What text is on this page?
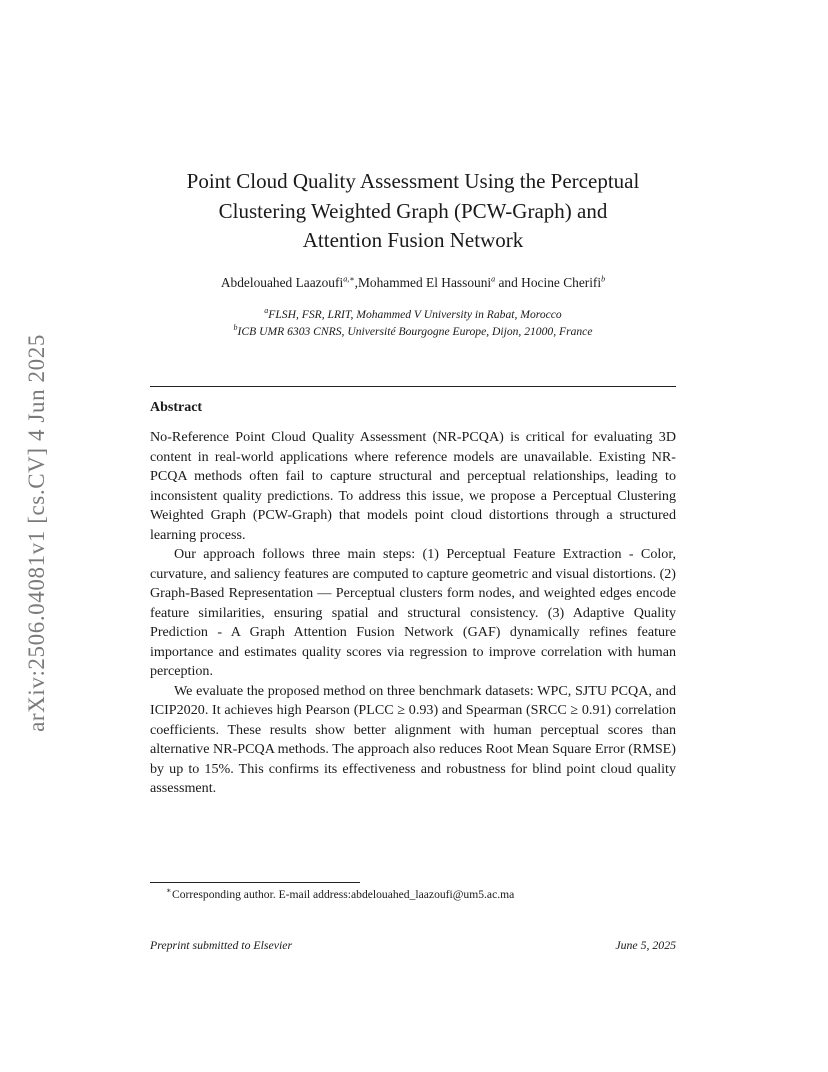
arXiv:2506.04081v1 [cs.CV] 4 Jun 2025
Point Cloud Quality Assessment Using the Perceptual
Clustering Weighted Graph (PCW-Graph) and
Attention Fusion Network
Abdelouahed Laazoufi$^{a,∗}$,Mohammed El Hassouni$^a$ and Hocine Cherifi$^b$
$^a$FLSH, FSR, LRIT, Mohammed V University in Rabat, Morocco
$^b$ICB UMR 6303 CNRS, Université Bourgogne Europe, Dijon, 21000, France
Abstract

No-Reference Point Cloud Quality Assessment (NR-PCQA) is critical for evaluating 3D content in real-world applications where reference models are unavailable. Existing NR-PCQA methods often fail to capture structural and perceptual relationships, leading to inconsistent quality predictions. To address this issue, we propose a Perceptual Clustering Weighted Graph (PCW-Graph) that models point cloud distortions through a structured learning process.

Our approach follows three main steps: (1) Perceptual Feature Extraction - Color, curvature, and saliency features are computed to capture geometric and visual distortions. (2) Graph-Based Representation — Perceptual clusters form nodes, and weighted edges encode feature similarities, ensuring spatial and structural consistency. (3) Adaptive Quality Prediction - A Graph Attention Fusion Network (GAF) dynamically refines feature importance and estimates quality scores via regression to improve correlation with human perception.

We evaluate the proposed method on three benchmark datasets: WPC, SJTU PCQA, and ICIP2020. It achieves high Pearson (PLCC ≥ 0.93) and Spearman (SRCC ≥ 0.91) correlation coefficients. These results show better alignment with human perceptual scores than alternative NR-PCQA methods. The approach also reduces Root Mean Square Error (RMSE) by up to 15%. This confirms its effectiveness and robustness for blind point cloud quality assessment.

∗ Corresponding author. E-mail address:abdelouahed_laazoufi@um5.ac.ma
Preprint submitted to Elsevier	June 5, 2025
